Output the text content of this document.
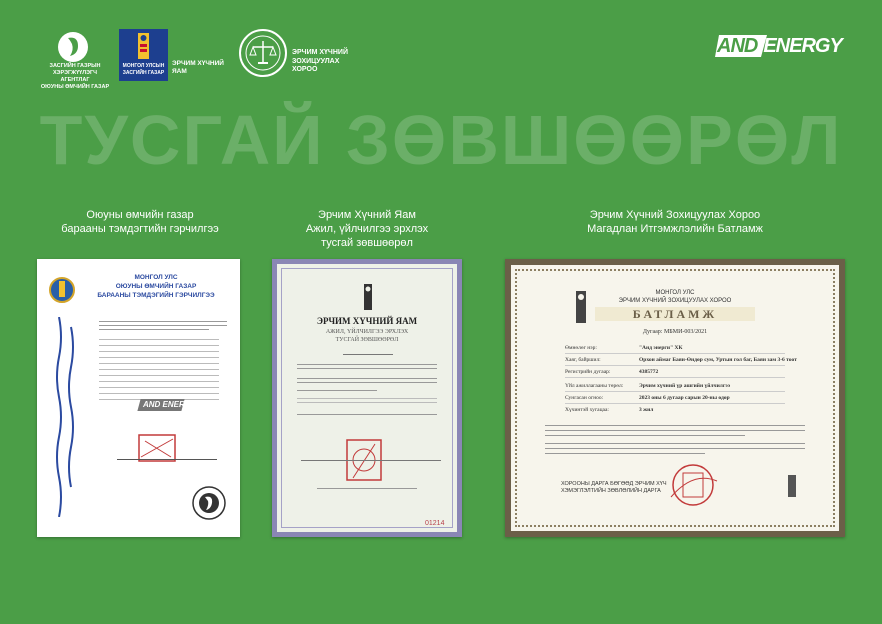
ЗАСГИЙН ГАЗРЫН
ХЭРЭГЖҮҮЛЭГЧ АГЕНТЛАГ
ОЮУНЫ ӨМЧИЙН ГАЗАР
МОНГОЛ УЛСЫН
ЗАСГИЙН ГАЗАР
ЭРЧИМ ХҮЧНИЙ
ЯАМ
ЭРЧИМ ХҮЧНИЙ
ЗОХИЦУУЛАХ
ХОРОО
AND ENERGY
ТУСГАЙ ЗӨВШӨӨРӨЛ
Оюуны өмчийн газар
барааны тэмдэгтийн гэрчилгээ
Эрчим Хүчний Яам
Ажил, үйлчилгээ эрхлэх
тусгай зөвшөөрөл
Эрчим Хүчний Зохицуулах Хороо
Магадлан Итгэмжлэлийн Батламж
МОНГОЛ УЛС
ОЮУНЫ ӨМЧИЙН ГАЗАР
БАРААНЫ ТЭМДЭГИЙН ГЭРЧИЛГЭЭ
AND ENERGY
ЭРЧИМ ХҮЧНИЙ ЯАМ
АЖИЛ, ҮЙЛЧИЛГЭЭ ЭРХЛЭХ
ТУСГАЙ ЗӨВШӨӨРӨЛ
01214
МОНГОЛ УЛС
ЭРЧИМ ХҮЧНИЙ ЗОХИЦУУЛАХ ХОРОО
БАТЛАМЖ
Дугаар: МБМИ-003/2021
Өмнөлөг нэр:	"Анд энерги" ХК
Хаяг, байршил:	Орхон аймаг Баян-Өндөр сум, Уртын гол баг, Баян зам 3-6 тоот
Регистрийн дугаар:	4385772
Үйл ажиллагааны төрөл:	Эрчим хүчний үр ашгийн үйлчилгээ
Сунгасан огноо:	2023 оны 6 дугаар сарын 20-ны өдөр
Хүчинтэй хугацаа:	3 жил
ХОРООНЫ ДАРГА БӨГӨӨД ЭРЧИМ ХҮЧ
ХЭМЭГЛЭЛТИЙН ЗӨВЛӨЛИЙН ДАРГА
